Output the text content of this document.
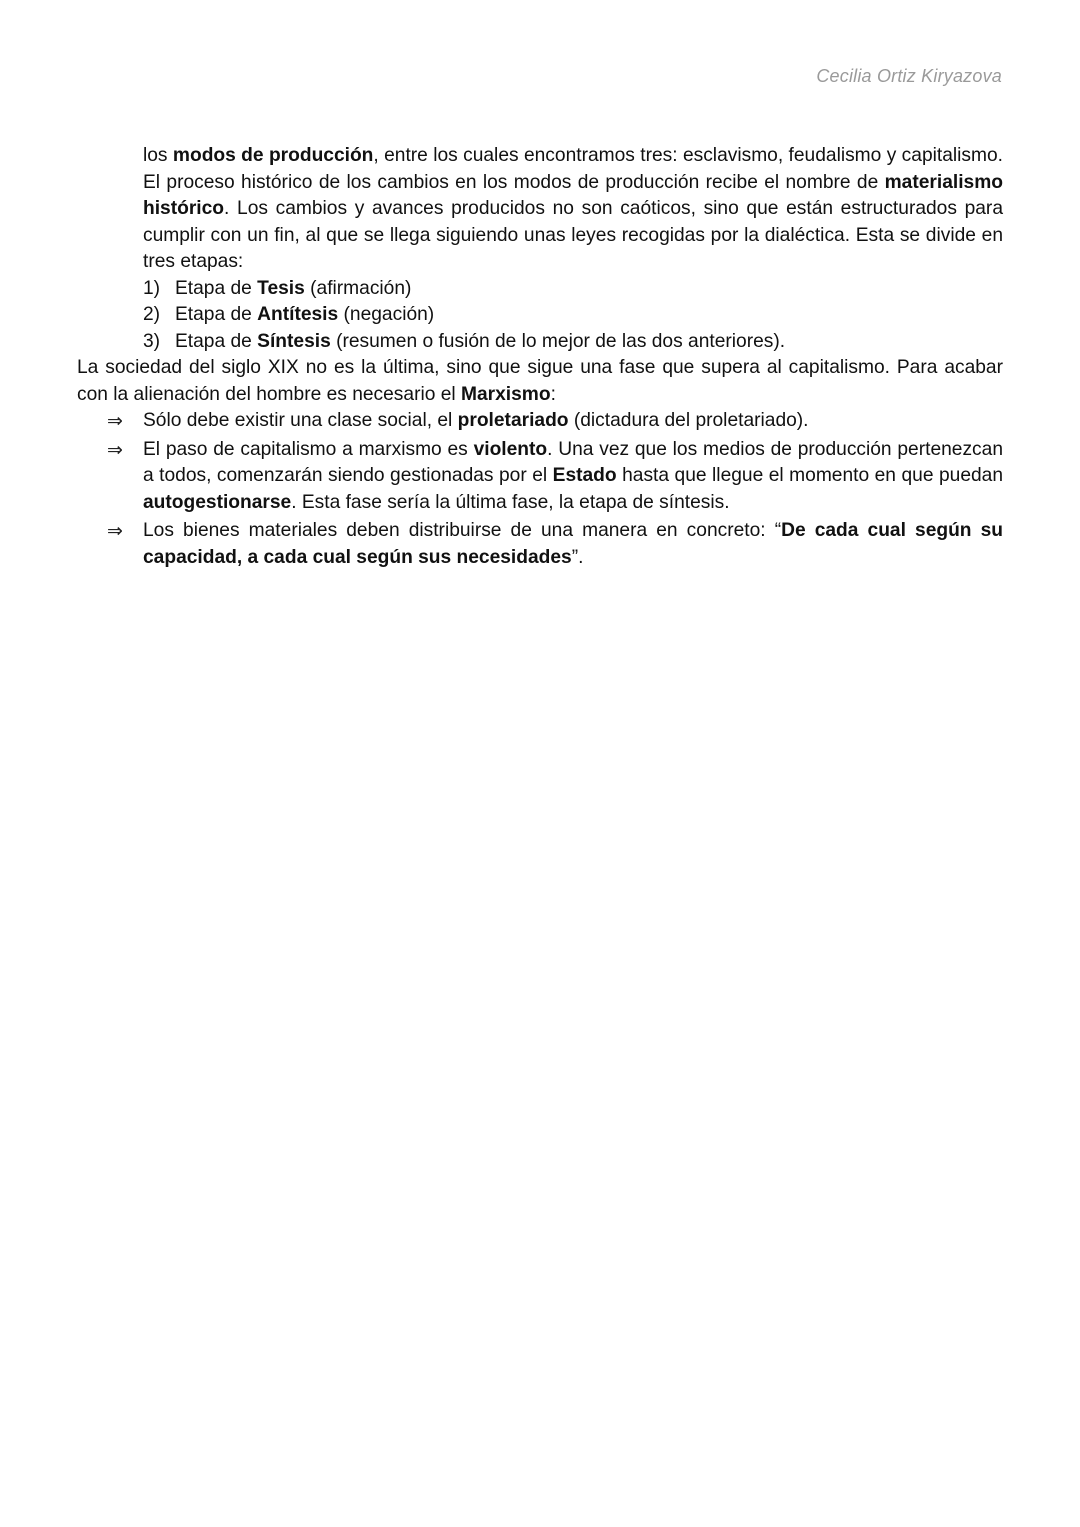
Cecilia Ortiz Kiryazova

los modos de producción, entre los cuales encontramos tres: esclavismo, feudalismo y capitalismo. El proceso histórico de los cambios en los modos de producción recibe el nombre de materialismo histórico. Los cambios y avances producidos no son caóticos, sino que están estructurados para cumplir con un fin, al que se llega siguiendo unas leyes recogidas por la dialéctica. Esta se divide en tres etapas:

1) Etapa de Tesis (afirmación)
2) Etapa de Antítesis (negación)
3) Etapa de Síntesis (resumen o fusión de lo mejor de las dos anteriores).

La sociedad del siglo XIX no es la última, sino que sigue una fase que supera al capitalismo. Para acabar con la alienación del hombre es necesario el Marxismo:

⇒	Sólo debe existir una clase social, el proletariado (dictadura del proletariado).
⇒	El paso de capitalismo a marxismo es violento. Una vez que los medios de producción pertenezcan a todos, comenzarán siendo gestionadas por el Estado hasta que llegue el momento en que puedan autogestionarse. Esta fase sería la última fase, la etapa de síntesis.
⇒	Los bienes materiales deben distribuirse de una manera en concreto: “De cada cual según su capacidad, a cada cual según sus necesidades”.
